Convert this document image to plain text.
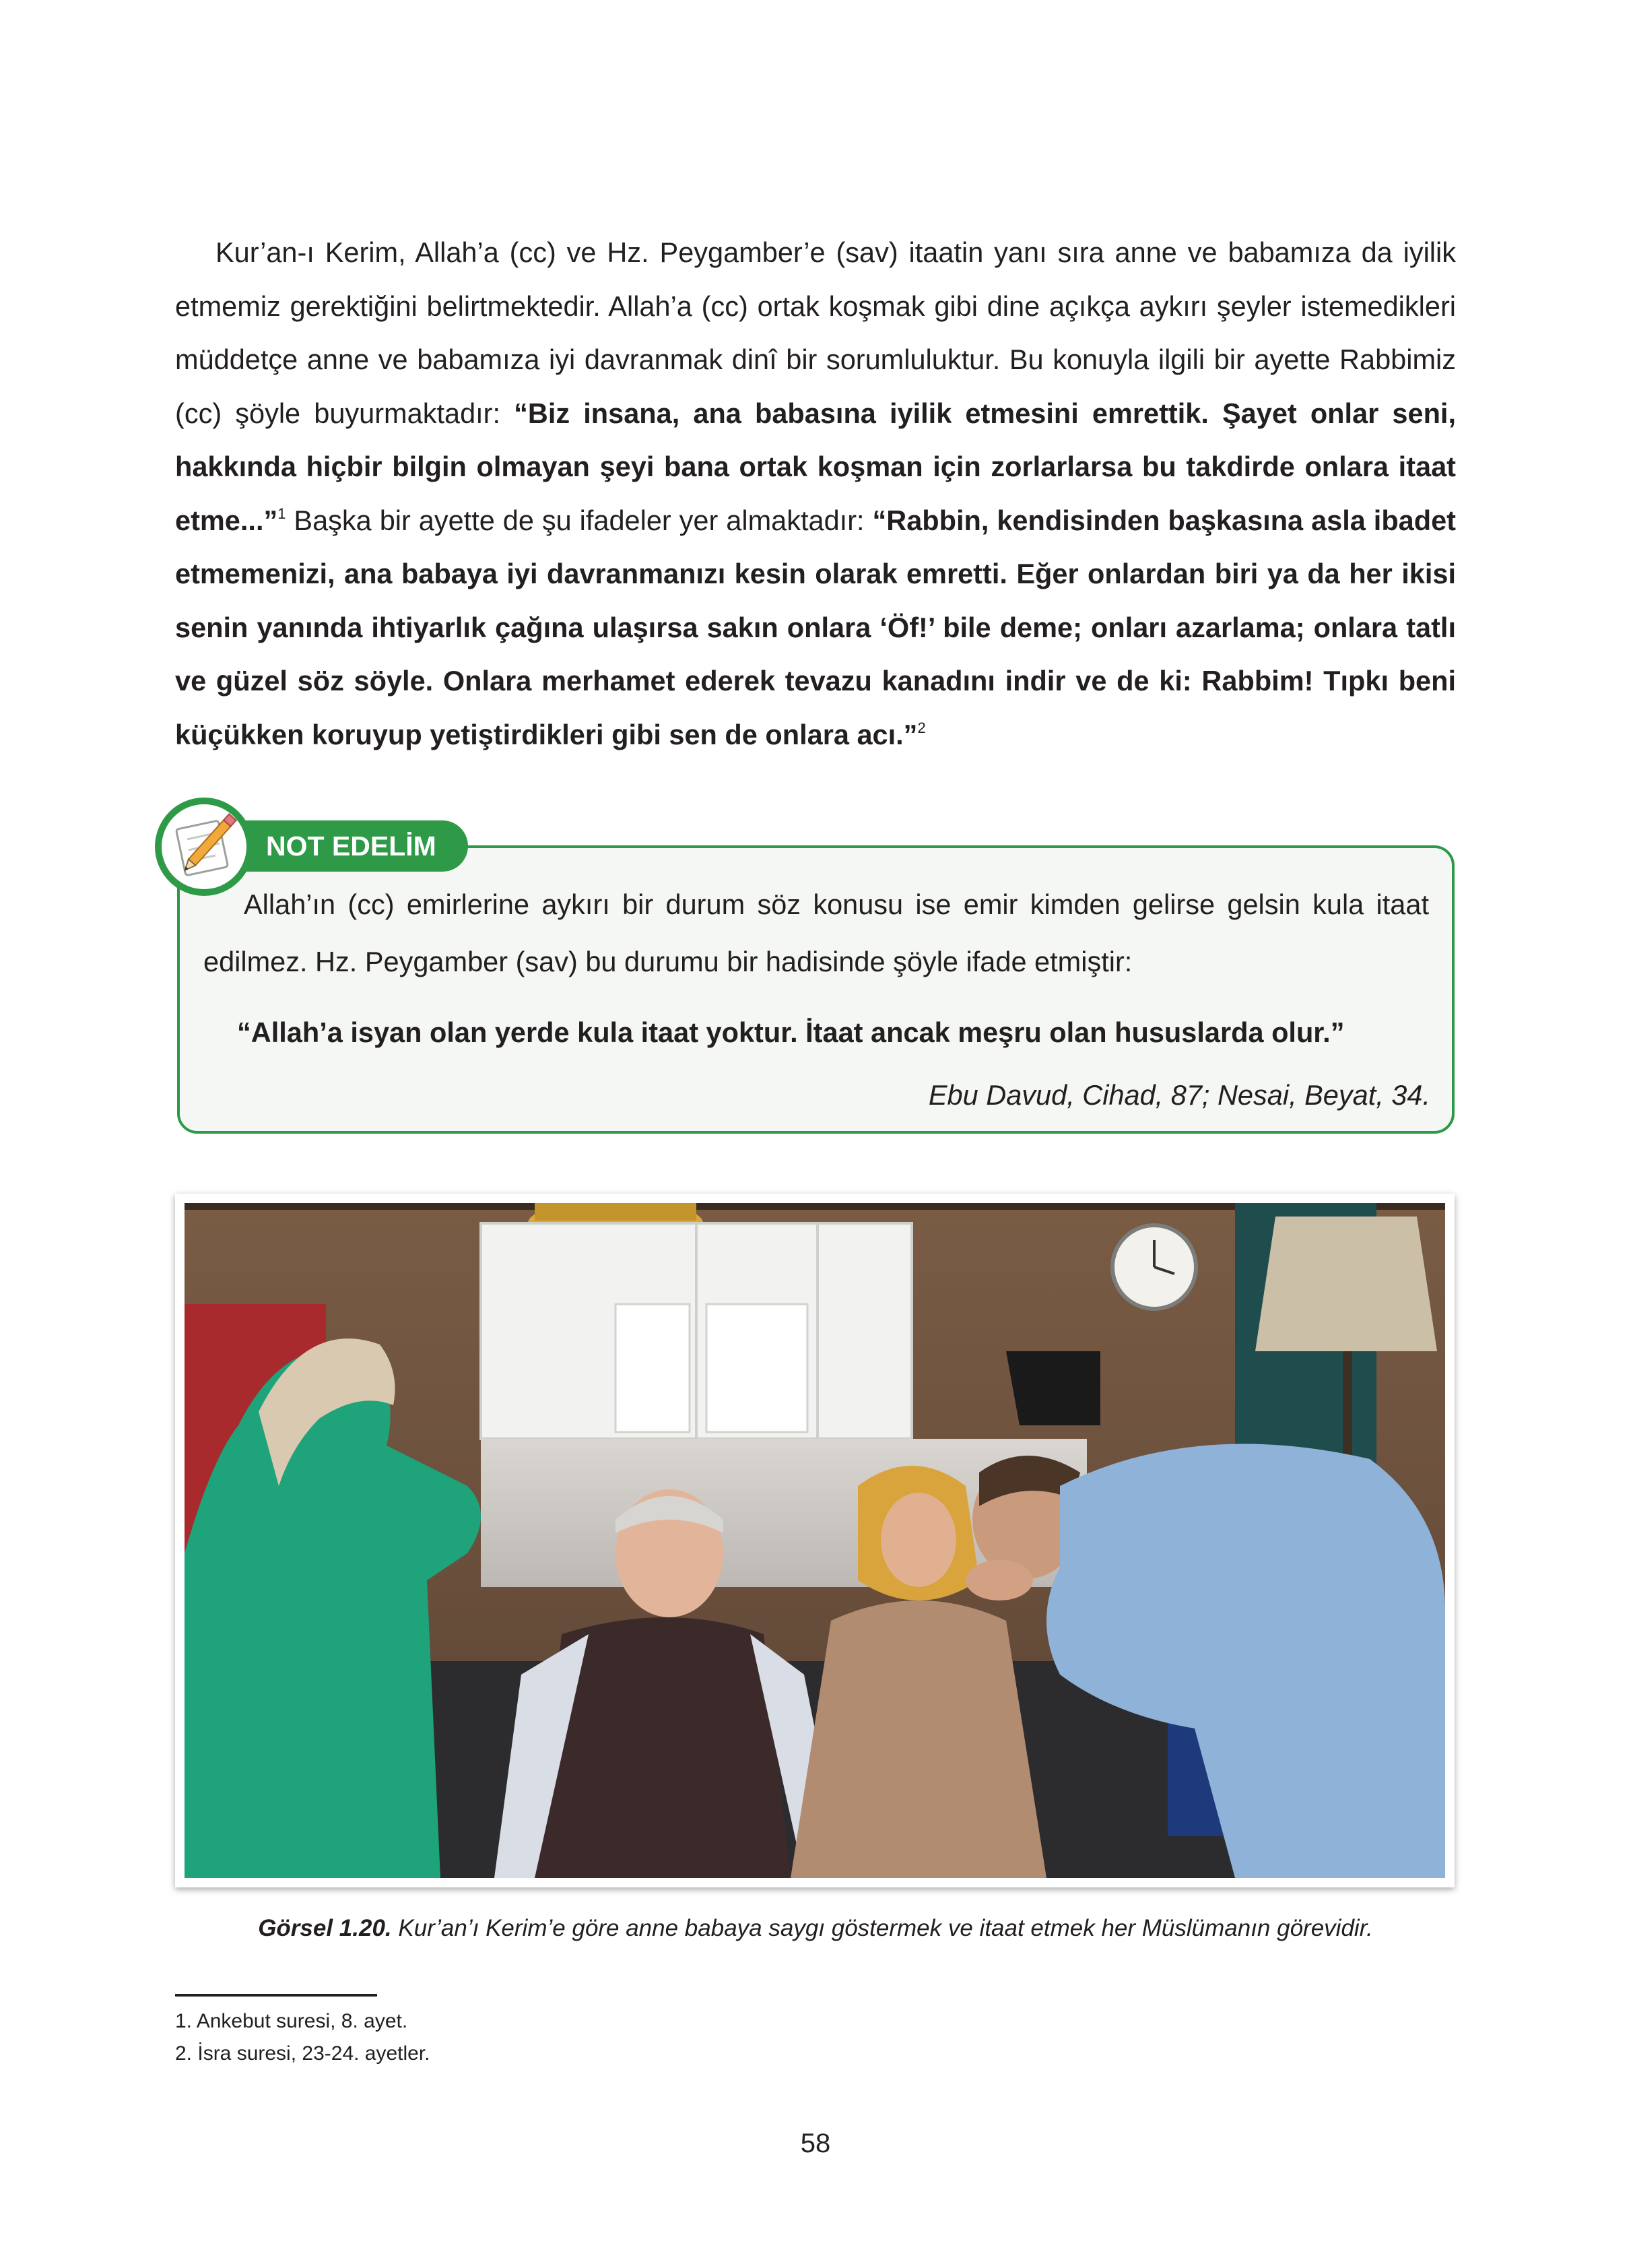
Kur’an-ı Kerim, Allah’a (cc) ve Hz. Peygamber’e (sav) itaatin yanı sıra anne ve babamıza da iyilik etmemiz gerektiğini belirtmektedir. Allah’a (cc) ortak koşmak gibi dine açıkça aykırı şeyler istemedikleri müddetçe anne ve babamıza iyi davranmak dinî bir sorumluluktur. Bu konuyla ilgili bir ayette Rabbimiz (cc) şöyle buyurmaktadır: “Biz insana, ana babasına iyilik etmesini emrettik. Şayet onlar seni, hakkında hiçbir bilgin olmayan şeyi bana ortak koşman için zorlarlarsa bu takdirde onlara itaat etme...”$^1$ Başka bir ayette de şu ifadeler yer almaktadır: “Rabbin, kendisinden başkasına asla ibadet etmemenizi, ana babaya iyi davranmanızı kesin olarak emretti. Eğer onlardan biri ya da her ikisi senin yanında ihtiyarlık çağına ulaşırsa sakın onlara ‘Öf!’ bile deme; onları azarlama; onlara tatlı ve güzel söz söyle. Onlara merhamet ederek tevazu kanadını indir ve de ki: Rabbim! Tıpkı beni küçükken koruyup yetiştirdikleri gibi sen de onlara acı.”$^2$

NOT EDELİM

Allah’ın (cc) emirlerine aykırı bir durum söz konusu ise emir kimden gelirse gelsin kula itaat edilmez. Hz. Peygamber (sav) bu durumu bir hadisinde şöyle ifade etmiştir:

“Allah’a isyan olan yerde kula itaat yoktur. İtaat ancak meşru olan hususlarda olur.”
Ebu Davud, Cihad, 87; Nesai, Beyat, 34.
Görsel 1.20. Kur’an’ı Kerim’e göre anne babaya saygı göstermek ve itaat etmek her Müslümanın görevidir.
1. Ankebut suresi, 8. ayet.
2. İsra suresi, 23-24. ayetler.
58
